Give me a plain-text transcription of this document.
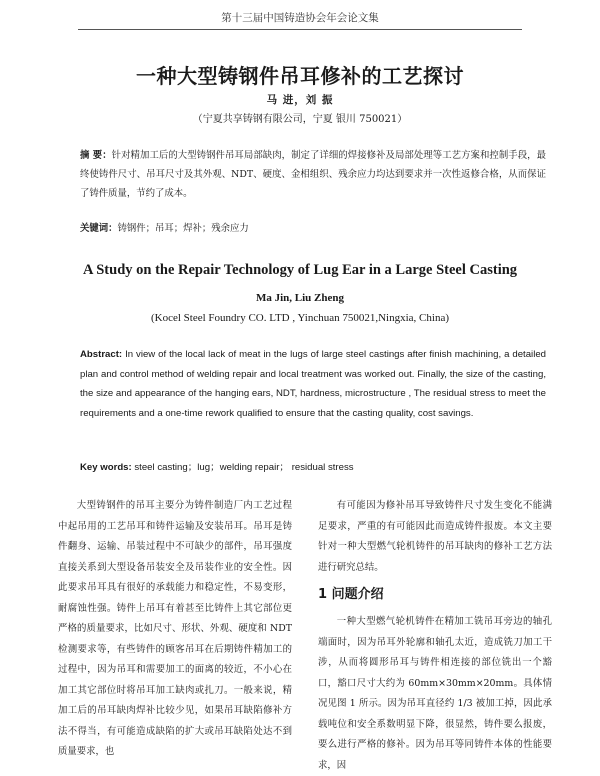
第十三届中国铸造协会年会论文集
一种大型铸钢件吊耳修补的工艺探讨
马 进，刘 振
（宁夏共享铸钢有限公司，宁夏 银川 750021）
摘 要：针对精加工后的大型铸钢件吊耳局部缺肉，制定了详细的焊接修补及局部处理等工艺方案和控制手段，最终使铸件尺寸、吊耳尺寸及其外观、NDT、硬度、金相组织、残余应力均达到要求并一次性返修合格，从而保证了铸件质量，节约了成本。
关键词：铸钢件；吊耳；焊补；残余应力
A Study on the Repair Technology of Lug Ear in a Large Steel Casting
Ma Jin, Liu Zheng
(Kocel Steel Foundry CO. LTD , Yinchuan 750021,Ningxia, China)
Abstract: In view of the local lack of meat in the lugs of large steel castings after finish machining, a detailed plan and control method of welding repair and local treatment was worked out. Finally, the size of the casting, the size and appearance of the hanging ears, NDT, hardness, microstructure , The residual stress to meet the requirements and a one-time rework qualified to ensure that the casting quality, cost savings.
Key words: steel casting；lug；welding repair； residual stress

大型铸钢件的吊耳主要分为铸件制造厂内工艺过程中起吊用的工艺吊耳和铸件运输及安装吊耳。吊耳是铸件翻身、运输、吊装过程中不可缺少的部件，吊耳强度直接关系到大型设备吊装安全及吊装作业的安全性。因此要求吊耳具有很好的承载能力和稳定性，不易变形，耐腐蚀性强。铸件上吊耳有着甚至比铸件上其它部位更严格的质量要求，比如尺寸、形状、外观、硬度和 NDT 检测要求等，有些铸件的顾客吊耳在后期铸件精加工的过程中，因为吊耳和需要加工的面离的较近，不小心在加工其它部位时将吊耳加工缺肉或扎刀。一般来说，精加工后的吊耳缺肉焊补比较少见，如果吊耳缺陷修补方法不得当，有可能造成缺陷的扩大或吊耳缺陷处达不到质量要求，也

有可能因为修补吊耳导致铸件尺寸发生变化不能满足要求，严重的有可能因此而造成铸件报废。本文主要针对一种大型燃气轮机铸件的吊耳缺肉的修补工艺方法进行研究总结。

1 问题介绍

一种大型燃气轮机铸件在精加工铣吊耳旁边的轴孔端面时，因为吊耳外轮廓和轴孔太近，造成铣刀加工干涉，从而将圆形吊耳与铸件相连接的部位铣出一个豁口，豁口尺寸大约为 60mm×30mm×20mm。具体情况见图 1 所示。因为吊耳直径约 1/3 被加工掉，因此承载吨位和安全系数明显下降，很显然，铸件要么报废，要么进行严格的修补。因为吊耳等同铸件本体的性能要求，因
